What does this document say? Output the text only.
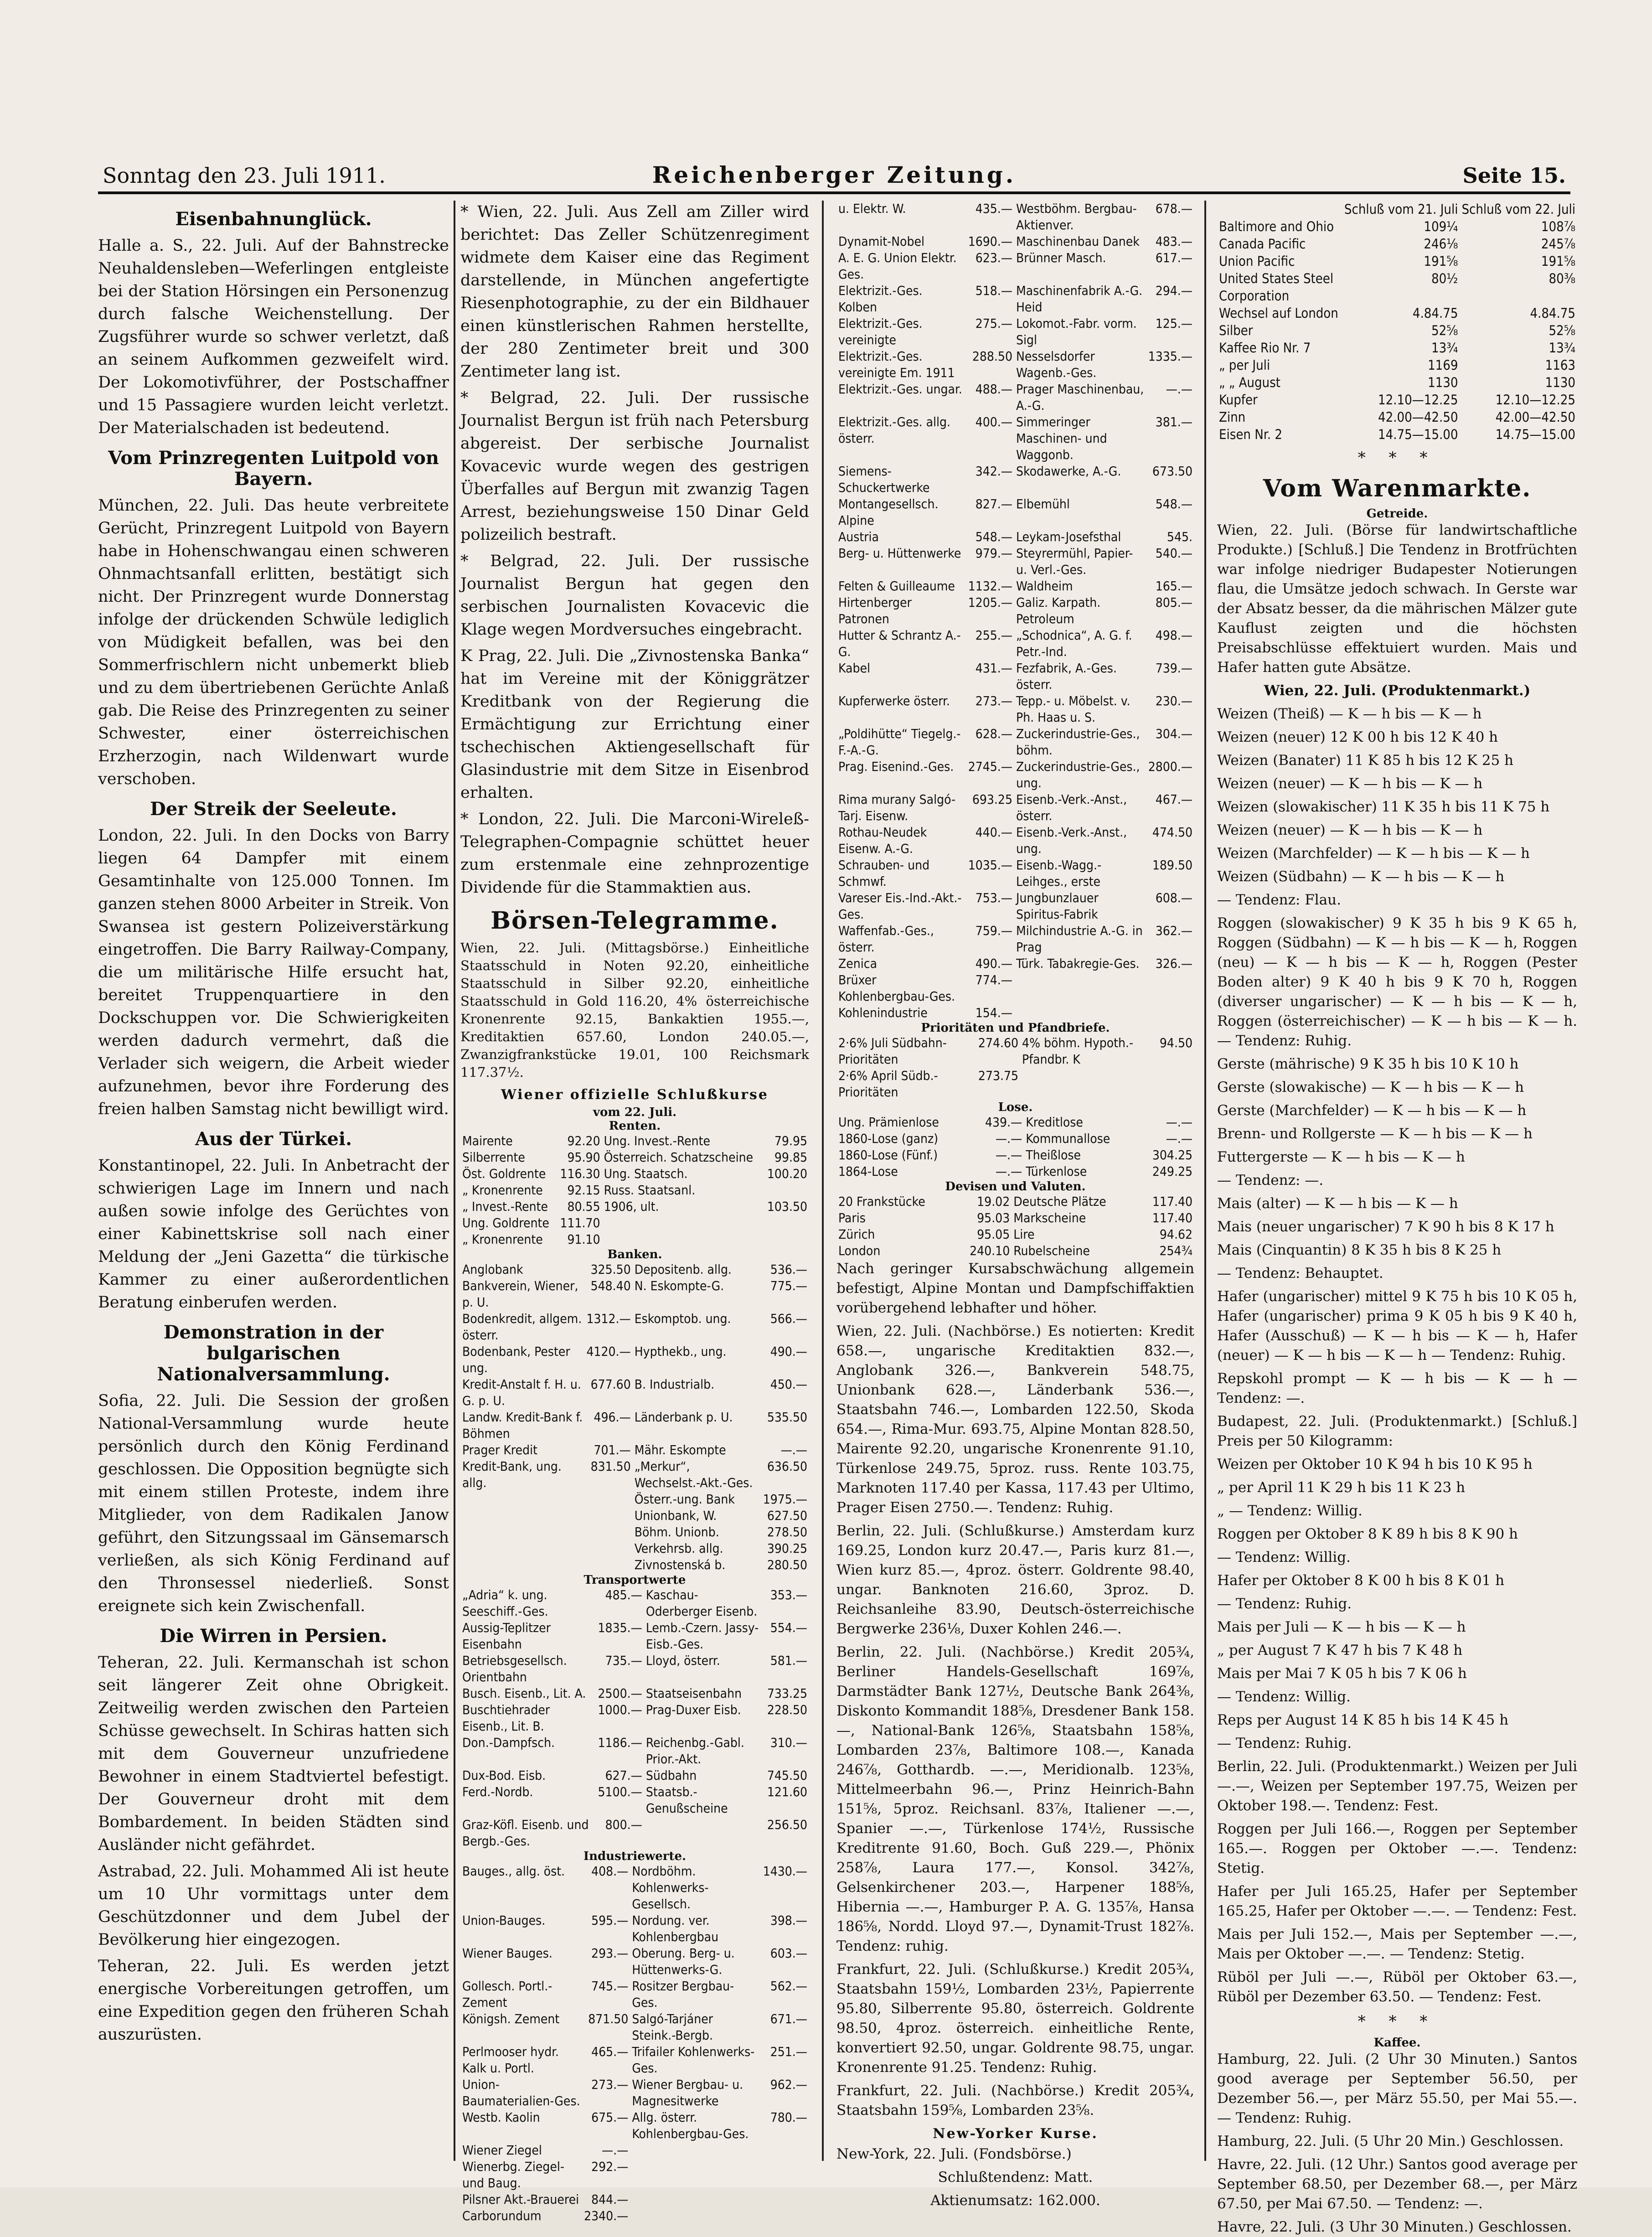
Sonntag den 23. Juli 1911.	Reichenberger Zeitung.	Seite 15.
Eisenbahnunglück.

Halle a. S., 22. Juli. Auf der Bahnstrecke Neuhaldensleben—Weferlingen entgleiste bei der Station Hörsingen ein Personenzug durch falsche Weichenstellung. Der Zugsführer wurde so schwer verletzt, daß an seinem Aufkommen gezweifelt wird. Der Lokomotivführer, der Postschaffner und 15 Passagiere wurden leicht verletzt. Der Materialschaden ist bedeutend.

Vom Prinzregenten Luitpold von Bayern.

München, 22. Juli. Das heute verbreitete Gerücht, Prinzregent Luitpold von Bayern habe in Hohenschwangau einen schweren Ohnmachtsanfall erlitten, bestätigt sich nicht. Der Prinzregent wurde Donnerstag infolge der drückenden Schwüle lediglich von Müdigkeit befallen, was bei den Sommerfrischlern nicht unbemerkt blieb und zu dem übertriebenen Gerüchte Anlaß gab. Die Reise des Prinzregenten zu seiner Schwester, einer österreichischen Erzherzogin, nach Wildenwart wurde verschoben.

Der Streik der Seeleute.

London, 22. Juli. In den Docks von Barry liegen 64 Dampfer mit einem Gesamtinhalte von 125.000 Tonnen. Im ganzen stehen 8000 Arbeiter in Streik. Von Swansea ist gestern Polizeiverstärkung eingetroffen. Die Barry Railway-Company, die um militärische Hilfe ersucht hat, bereitet Truppenquartiere in den Dockschuppen vor. Die Schwierigkeiten werden dadurch vermehrt, daß die Verlader sich weigern, die Arbeit wieder aufzunehmen, bevor ihre Forderung des freien halben Samstag nicht bewilligt wird.

Aus der Türkei.

Konstantinopel, 22. Juli. In Anbetracht der schwierigen Lage im Innern und nach außen sowie infolge des Gerüchtes von einer Kabinettskrise soll nach einer Meldung der „Jeni Gazetta“ die türkische Kammer zu einer außerordentlichen Beratung einberufen werden.

Demonstration in der bulgarischen Nationalversammlung.

Sofia, 22. Juli. Die Session der großen National-Versammlung wurde heute persönlich durch den König Ferdinand geschlossen. Die Opposition begnügte sich mit einem stillen Proteste, indem ihre Mitglieder, von dem Radikalen Janow geführt, den Sitzungssaal im Gänsemarsch verließen, als sich König Ferdinand auf den Thronsessel niederließ. Sonst ereignete sich kein Zwischenfall.

Die Wirren in Persien.

Teheran, 22. Juli. Kermanschah ist schon seit längerer Zeit ohne Obrigkeit. Zeitweilig werden zwischen den Parteien Schüsse gewechselt. In Schiras hatten sich mit dem Gouverneur unzufriedene Bewohner in einem Stadtviertel befestigt. Der Gouverneur droht mit dem Bombardement. In beiden Städten sind Ausländer nicht gefährdet.

Astrabad, 22. Juli. Mohammed Ali ist heute um 10 Uhr vormittags unter dem Geschützdonner und dem Jubel der Bevölkerung hier eingezogen.

Teheran, 22. Juli. Es werden jetzt energische Vorbereitungen getroffen, um eine Expedition gegen den früheren Schah auszurüsten.

* Wien, 22. Juli. Aus Zell am Ziller wird berichtet: Das Zeller Schützenregiment widmete dem Kaiser eine das Regiment darstellende, in München angefertigte Riesenphotographie, zu der ein Bildhauer einen künstlerischen Rahmen herstellte, der 280 Zentimeter breit und 300 Zentimeter lang ist.

* Belgrad, 22. Juli. Der russische Journalist Bergun ist früh nach Petersburg abgereist. Der serbische Journalist Kovacevic wurde wegen des gestrigen Überfalles auf Bergun mit zwanzig Tagen Arrest, beziehungsweise 150 Dinar Geld polizeilich bestraft.

* Belgrad, 22. Juli. Der russische Journalist Bergun hat gegen den serbischen Journalisten Kovacevic die Klage wegen Mordversuches eingebracht.

K Prag, 22. Juli. Die „Zivnostenska Banka“ hat im Vereine mit der Königgrätzer Kreditbank von der Regierung die Ermächtigung zur Errichtung einer tschechischen Aktiengesellschaft für Glasindustrie mit dem Sitze in Eisenbrod erhalten.

* London, 22. Juli. Die Marconi-Wireleß-Telegraphen-Compagnie schüttet heuer zum erstenmale eine zehnprozentige Dividende für die Stammaktien aus.

Börsen-Telegramme.

Wien, 22. Juli. (Mittagsbörse.) Einheitliche Staatsschuld in Noten 92.20, einheitliche Staatsschuld in Silber 92.20, einheitliche Staatsschuld in Gold 116.20, 4% österreichische Kronenrente 92.15, Bankaktien 1955.—, Kreditaktien 657.60, London 240.05.—, Zwanzigfrankstücke 19.01, 100 Reichsmark 117.37½.

Wiener offizielle Schlußkurse
vom 22. Juli.
Renten.
Mairente	92.20	Ung. Invest.-Rente	79.95
Silberrente	95.90	Österreich. Schatzscheine	99.85
Öst. Goldrente	116.30	Ung. Staatsch.	100.20
„ Kronenrente	92.15	Russ. Staatsanl.	
„ Invest.-Rente	80.55	1906, ult.	103.50
Ung. Goldrente	111.70		
„ Kronenrente	91.10		
Banken.
Anglobank	325.50	Depositenb. allg.	536.—
Bankverein, Wiener, p. U.	548.40	N. Eskompte-G.	775.—
Bodenkredit, allgem. österr.	1312.—	Eskomptob. ung.	566.—
Bodenbank, Pester ung.	4120.—	Hypthekb., ung.	490.—
Kredit-Anstalt f. H. u. G. p. U.	677.60	B. Industrialb.	450.—
Landw. Kredit-Bank f. Böhmen	496.—	Länderbank p. U.	535.50
Prager Kredit	701.—	Mähr. Eskompte	—.—
Kredit-Bank, ung. allg.	831.50	„Merkur“, Wechselst.-Akt.-Ges.	636.50
		Österr.-ung. Bank	1975.—
		Unionbank, W.	627.50
		Böhm. Unionb.	278.50
		Verkehrsb. allg.	390.25
		Zivnostenská b.	280.50
Transportwerte
„Adria“ k. ung. Seeschiff.-Ges.	485.—	Kaschau-Oderberger Eisenb.	353.—
Aussig-Teplitzer Eisenbahn	1835.—	Lemb.-Czern. Jassy-Eisb.-Ges.	554.—
Betriebsgesellsch. Orientbahn	735.—	Lloyd, österr.	581.—
Busch. Eisenb., Lit. A.	2500.—	Staatseisenbahn	733.25
Buschtiehrader Eisenb., Lit. B.	1000.—	Prag-Duxer Eisb.	228.50
Don.-Dampfsch.	1186.—	Reichenbg.-Gabl. Prior.-Akt.	310.—
Dux-Bod. Eisb.	627.—	Südbahn	745.50
Ferd.-Nordb.	5100.—	Staatsb.-Genußscheine	121.60
Graz-Köfl. Eisenb. und Bergb.-Ges.	800.—		256.50
Industriewerte.
Bauges., allg. öst.	408.—	Nordböhm. Kohlenwerks-Gesellsch.	1430.—
Union-Bauges.	595.—	Nordung. ver. Kohlenbergbau	398.—
Wiener Bauges.	293.—	Oberung. Berg- u. Hüttenwerks-G.	603.—
Gollesch. Portl.-Zement	745.—	Rositzer Bergbau-Ges.	562.—
Königsh. Zement	871.50	Salgó-Tarjáner Steink.-Bergb.	671.—
Perlmooser hydr. Kalk u. Portl.	465.—	Trifailer Kohlenwerks-Ges.	251.—
Union-Baumaterialien-Ges.	273.—	Wiener Bergbau- u. Magnesitwerke	962.—
Westb. Kaolin	675.—	Allg. österr. Kohlenbergbau-Ges.	780.—
Wiener Ziegel	—.—		
Wienerbg. Ziegel- und Baug.	292.—		
Pilsner Akt.-Brauerei	844.—		
Carborundum	2340.—		
u. Elektr. W.	435.—	Westböhm. Bergbau-Aktienver.	678.—
Dynamit-Nobel	1690.—	Maschinenbau Danek	483.—
A. E. G. Union Elektr. Ges.	623.—	Brünner Masch.	617.—
Elektrizit.-Ges. Kolben	518.—	Maschinenfabrik A.-G. Heid	294.—
Elektrizit.-Ges. vereinigte	275.—	Lokomot.-Fabr. vorm. Sigl	125.—
Elektrizit.-Ges. vereinigte Em. 1911	288.50	Nesselsdorfer Wagenb.-Ges.	1335.—
Elektrizit.-Ges. ungar.	488.—	Prager Maschinenbau, A.-G.	—.—
Elektrizit.-Ges. allg. österr.	400.—	Simmeringer Maschinen- und Waggonb.	381.—
Siemens-Schuckertwerke	342.—	Skodawerke, A.-G.	673.50
Montangesellsch. Alpine	827.—	Elbemühl	548.—
Austria	548.—	Leykam-Josefsthal	545.
Berg- u. Hüttenwerke	979.—	Steyrermühl, Papier- u. Verl.-Ges.	540.—
Felten & Guilleaume	1132.—	Waldheim	165.—
Hirtenberger Patronen	1205.—	Galiz. Karpath. Petroleum	805.—
Hutter & Schrantz A.-G.	255.—	„Schodnica“, A. G. f. Petr.-Ind.	498.—
Kabel	431.—	Fezfabrik, A.-Ges. österr.	739.—
Kupferwerke österr.	273.—	Tepp.- u. Möbelst. v. Ph. Haas u. S.	230.—
„Poldihütte“ Tiegelg.-F.-A.-G.	628.—	Zuckerindustrie-Ges., böhm.	304.—
Prag. Eisenind.-Ges.	2745.—	Zuckerindustrie-Ges., ung.	2800.—
Rima murany Salgó-Tarj. Eisenw.	693.25	Eisenb.-Verk.-Anst., österr.	467.—
Rothau-Neudek Eisenw. A.-G.	440.—	Eisenb.-Verk.-Anst., ung.	474.50
Schrauben- und Schmwf.	1035.—	Eisenb.-Wagg.-Leihges., erste	189.50
Vareser Eis.-Ind.-Akt.-Ges.	753.—	Jungbunzlauer Spiritus-Fabrik	608.—
Waffenfab.-Ges., österr.	759.—	Milchindustrie A.-G. in Prag	362.—
Zenica	490.—	Türk. Tabakregie-Ges.	326.—
Brüxer Kohlenbergbau-Ges.	774.—		
Kohlenindustrie	154.—		
Prioritäten und Pfandbriefe.
2·6% Juli Südbahn-Prioritäten	274.60	4% böhm. Hypoth.-Pfandbr. K	94.50
2·6% April Südb.-Prioritäten	273.75		
Lose.
Ung. Prämienlose	439.—	Kreditlose	—.—
1860-Lose (ganz)	—.—	Kommunallose	—.—
1860-Lose (Fünf.)	—.—	Theißlose	304.25
1864-Lose	—.—	Türkenlose	249.25
Devisen und Valuten.
20 Frankstücke	19.02	Deutsche Plätze	117.40
Paris	95.03	Markscheine	117.40
Zürich	95.05	Lire	94.62
London	240.10	Rubelscheine	254¾

Nach geringer Kursabschwächung allgemein befestigt, Alpine Montan und Dampfschiffaktien vorübergehend lebhafter und höher.

Wien, 22. Juli. (Nachbörse.) Es notierten: Kredit 658.—, ungarische Kreditaktien 832.—, Anglobank 326.—, Bankverein 548.75, Unionbank 628.—, Länderbank 536.—, Staatsbahn 746.—, Lombarden 122.50, Skoda 654.—, Rima-Mur. 693.75, Alpine Montan 828.50, Mairente 92.20, ungarische Kronenrente 91.10, Türkenlose 249.75, 5proz. russ. Rente 103.75, Marknoten 117.40 per Kassa, 117.43 per Ultimo, Prager Eisen 2750.—. Tendenz: Ruhig.

Berlin, 22. Juli. (Schlußkurse.) Amsterdam kurz 169.25, London kurz 20.47.—, Paris kurz 81.—, Wien kurz 85.—, 4proz. österr. Goldrente 98.40, ungar. Banknoten 216.60, 3proz. D. Reichsanleihe 83.90, Deutsch-österreichische Bergwerke 236⅛, Duxer Kohlen 246.—.

Berlin, 22. Juli. (Nachbörse.) Kredit 205¾, Berliner Handels-Gesellschaft 169⅞, Darmstädter Bank 127½, Deutsche Bank 264⅜, Diskonto Kommandit 188⅝, Dresdener Bank 158.—, National-Bank 126⅝, Staatsbahn 158⅝, Lombarden 23⅞, Baltimore 108.—, Kanada 246⅞, Gotthardb. —.—, Meridionalb. 123⅝, Mittelmeerbahn 96.—, Prinz Heinrich-Bahn 151⅝, 5proz. Reichsanl. 83⅞, Italiener —.—, Spanier —.—, Türkenlose 174½, Russische Kreditrente 91.60, Boch. Guß 229.—, Phönix 258⅞, Laura 177.—, Konsol. 342⅞, Gelsenkirchener 203.—, Harpener 188⅝, Hibernia —.—, Hamburger P. A. G. 135⅞, Hansa 186⅝, Nordd. Lloyd 97.—, Dynamit-Trust 182⅞. Tendenz: ruhig.

Frankfurt, 22. Juli. (Schlußkurse.) Kredit 205¾, Staatsbahn 159½, Lombarden 23½, Papierrente 95.80, Silberrente 95.80, österreich. Goldrente 98.50, 4proz. österreich. einheitliche Rente, konvertiert 92.50, ungar. Goldrente 98.75, ungar. Kronenrente 91.25. Tendenz: Ruhig.

Frankfurt, 22. Juli. (Nachbörse.) Kredit 205¾, Staatsbahn 159⅝, Lombarden 23⅝.

New-Yorker Kurse.

New-York, 22. Juli. (Fondsbörse.)

Schlußtendenz: Matt.

Aktienumsatz: 162.000.

	Schluß vom 21. Juli	Schluß vom 22. Juli
Baltimore and Ohio	109¼	108⅞
Canada Pacific	246⅛	245⅞
Union Pacific	191⅝	191⅝
United States Steel Corporation	80½	80⅜
Wechsel auf London	4.84.75	4.84.75
Silber	52⅝	52⅝
Kaffee Rio Nr. 7	13¾	13¾
„ per Juli	1169	1163
„ „ August	1130	1130
Kupfer	12.10—12.25	12.10—12.25
Zinn	42.00—42.50	42.00—42.50
Eisen Nr. 2	14.75—15.00	14.75—15.00
* * *
Vom Warenmarkte.
Getreide.

Wien, 22. Juli. (Börse für landwirtschaftliche Produkte.) [Schluß.] Die Tendenz in Brotfrüchten war infolge niedriger Budapester Notierungen flau, die Umsätze jedoch schwach. In Gerste war der Absatz besser, da die mährischen Mälzer gute Kauflust zeigten und die höchsten Preisabschlüsse effektuiert wurden. Mais und Hafer hatten gute Absätze.

Wien, 22. Juli. (Produktenmarkt.)

Weizen (Theiß) — K — h bis — K — h

Weizen (neuer) 12 K 00 h bis 12 K 40 h

Weizen (Banater) 11 K 85 h bis 12 K 25 h

Weizen (neuer) — K — h bis — K — h

Weizen (slowakischer) 11 K 35 h bis 11 K 75 h

Weizen (neuer) — K — h bis — K — h

Weizen (Marchfelder) — K — h bis — K — h

Weizen (Südbahn) — K — h bis — K — h

— Tendenz: Flau.

Roggen (slowakischer) 9 K 35 h bis 9 K 65 h, Roggen (Südbahn) — K — h bis — K — h, Roggen (neu) — K — h bis — K — h, Roggen (Pester Boden alter) 9 K 40 h bis 9 K 70 h, Roggen (diverser ungarischer) — K — h bis — K — h, Roggen (österreichischer) — K — h bis — K — h. — Tendenz: Ruhig.

Gerste (mährische) 9 K 35 h bis 10 K 10 h

Gerste (slowakische) — K — h bis — K — h

Gerste (Marchfelder) — K — h bis — K — h

Brenn- und Rollgerste — K — h bis — K — h

Futtergerste — K — h bis — K — h

— Tendenz: —.

Mais (alter) — K — h bis — K — h

Mais (neuer ungarischer) 7 K 90 h bis 8 K 17 h

Mais (Cinquantin) 8 K 35 h bis 8 K 25 h

— Tendenz: Behauptet.

Hafer (ungarischer) mittel 9 K 75 h bis 10 K 05 h, Hafer (ungarischer) prima 9 K 05 h bis 9 K 40 h, Hafer (Ausschuß) — K — h bis — K — h, Hafer (neuer) — K — h bis — K — h — Tendenz: Ruhig.

Repskohl prompt — K — h bis — K — h — Tendenz: —.

Budapest, 22. Juli. (Produktenmarkt.) [Schluß.] Preis per 50 Kilogramm:

Weizen per Oktober 10 K 94 h bis 10 K 95 h

„ per April 11 K 29 h bis 11 K 23 h

„ — Tendenz: Willig.

Roggen per Oktober 8 K 89 h bis 8 K 90 h

— Tendenz: Willig.

Hafer per Oktober 8 K 00 h bis 8 K 01 h

— Tendenz: Ruhig.

Mais per Juli — K — h bis — K — h

„ per August 7 K 47 h bis 7 K 48 h

Mais per Mai 7 K 05 h bis 7 K 06 h

— Tendenz: Willig.

Reps per August 14 K 85 h bis 14 K 45 h

— Tendenz: Ruhig.

Berlin, 22. Juli. (Produktenmarkt.) Weizen per Juli —.—, Weizen per September 197.75, Weizen per Oktober 198.—. Tendenz: Fest.

Roggen per Juli 166.—, Roggen per September 165.—. Roggen per Oktober —.—. Tendenz: Stetig.

Hafer per Juli 165.25, Hafer per September 165.25, Hafer per Oktober —.—. — Tendenz: Fest.

Mais per Juli 152.—, Mais per September —.—, Mais per Oktober —.—. — Tendenz: Stetig.

Rüböl per Juli —.—, Rüböl per Oktober 63.—, Rüböl per Dezember 63.50. — Tendenz: Fest.

* * *
Kaffee.

Hamburg, 22. Juli. (2 Uhr 30 Minuten.) Santos good average per September 56.50, per Dezember 56.—, per März 55.50, per Mai 55.—. — Tendenz: Ruhig.

Hamburg, 22. Juli. (5 Uhr 20 Min.) Geschlossen.

Havre, 22. Juli. (12 Uhr.) Santos good average per September 68.50, per Dezember 68.—, per März 67.50, per Mai 67.50. — Tendenz: —.

Havre, 22. Juli. (3 Uhr 30 Minuten.) Geschlossen.
